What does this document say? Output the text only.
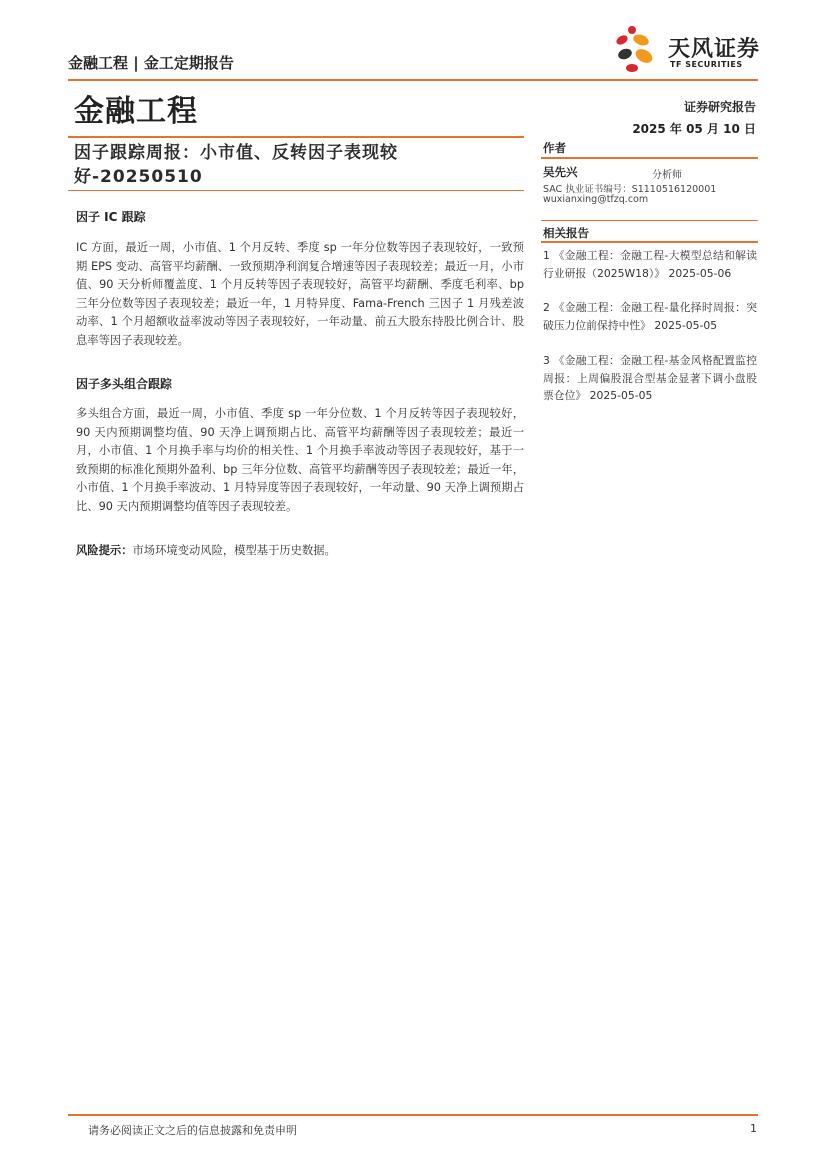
金融工程 | 金工定期报告
天风证券
TF SECURITIES
金融工程	证券研究报告
2025 年 05 月 10 日
因子跟踪周报：小市值、反转因子表现较好-20250510
因子 IC 跟踪
IC 方面，最近一周，小市值、1 个月反转、季度 sp 一年分位数等因子表现较好，一致预期 EPS 变动、高管平均薪酬、一致预期净利润复合增速等因子表现较差；最近一月，小市值、90 天分析师覆盖度、1 个月反转等因子表现较好，高管平均薪酬、季度毛利率、bp 三年分位数等因子表现较差；最近一年，1 月特异度、Fama-French 三因子 1 月残差波动率、1 个月超额收益率波动等因子表现较好，一年动量、前五大股东持股比例合计、股息率等因子表现较差。
因子多头组合跟踪
多头组合方面，最近一周，小市值、季度 sp 一年分位数、1 个月反转等因子表现较好，90 天内预期调整均值、90 天净上调预期占比、高管平均薪酬等因子表现较差；最近一月，小市值、1 个月换手率与均价的相关性、1 个月换手率波动等因子表现较好，基于一致预期的标准化预期外盈利、bp 三年分位数、高管平均薪酬等因子表现较差；最近一年，小市值、1 个月换手率波动、1 月特异度等因子表现较好，一年动量、90 天净上调预期占比、90 天内预期调整均值等因子表现较差。
风险提示：市场环境变动风险，模型基于历史数据。
作者
吴先兴	分析师
SAC 执业证书编号：S1110516120001
wuxianxing@tfzq.com
相关报告
1 《金融工程：金融工程-大模型总结和解读行业研报（2025W18）》 2025-05-06
2 《金融工程：金融工程-量化择时周报：突破压力位前保持中性》 2025-05-05
3 《金融工程：金融工程-基金风格配置监控周报：上周偏股混合型基金显著下调小盘股票仓位》 2025-05-05
请务必阅读正文之后的信息披露和免责申明	1
